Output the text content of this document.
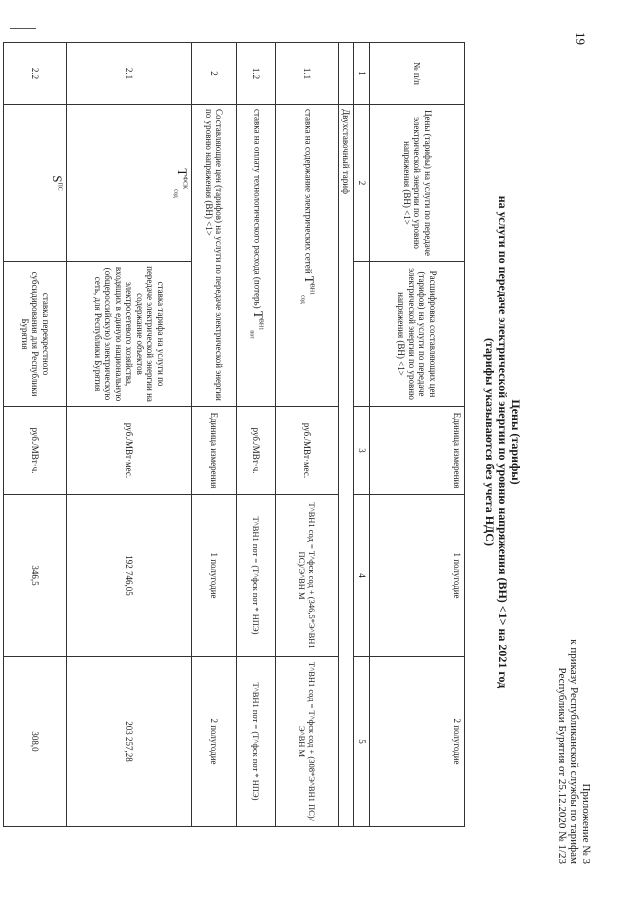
19
Приложение № 3
к приказу Республиканской службы по тарифам
Республики Бурятия от 25.12.2020 № 1/23
Цены (тарифы)
на услуги по передаче электрической энергии по уровню напряжения (ВН) <1> на 2021 год
(тарифы указываются без учета НДС)
№ п/п	Цены (тарифы) на услуги по передаче электрической энергии по уровню напряжения (ВН) <1>	Расшифровка составляющих цен (тарифов) на услуги по передаче электрической энергии по уровню напряжения (ВН) <1>	Единица измерения	1 полугодие	2 полугодие
1	2		3	4	5
	Двухставочный тариф				
1.1	ставка на содержание электрических сетей $Т^{ВН1}_{сод}$		руб./МВт·мес.	Т^ВН1 сод = Т^фск сод + (346,5*Э^ВН1 ПС)/Э^ВН М	Т^ВН1 сод = Т^фск сод + (308*Э^ВН1 ПС)/Э^ВН М
1.2	ставка на оплату технологического расхода (потерь) $Т^{ВН1}_{пот}$		руб./МВт·ч.	Т^ВН1 пот = (Т^фск пот * НПЭ)	Т^ВН1 пот = (Т^фск пот * НПЭ)
2	Составляющие цен (тарифов) на услуги по передаче электрической энергии по уровню напряжения (ВН) <1>		Единица измерения	1 полугодие	2 полугодие
2.1	$Т^{ФСК}_{сод}$	ставка тарифа на услуги по передаче электрической энергии на содержание объектов электросетевого хозяйства, входящих в единую национальную (общероссийскую) электрическую сеть, для Республики Бурятия	руб./МВт·мес.	192 746,05	203 257,28
2.2	$S^{ПС}$	ставка перекрестного субсидирования для Республики Бурятия	руб./МВт·ч.	346,5	308,0
